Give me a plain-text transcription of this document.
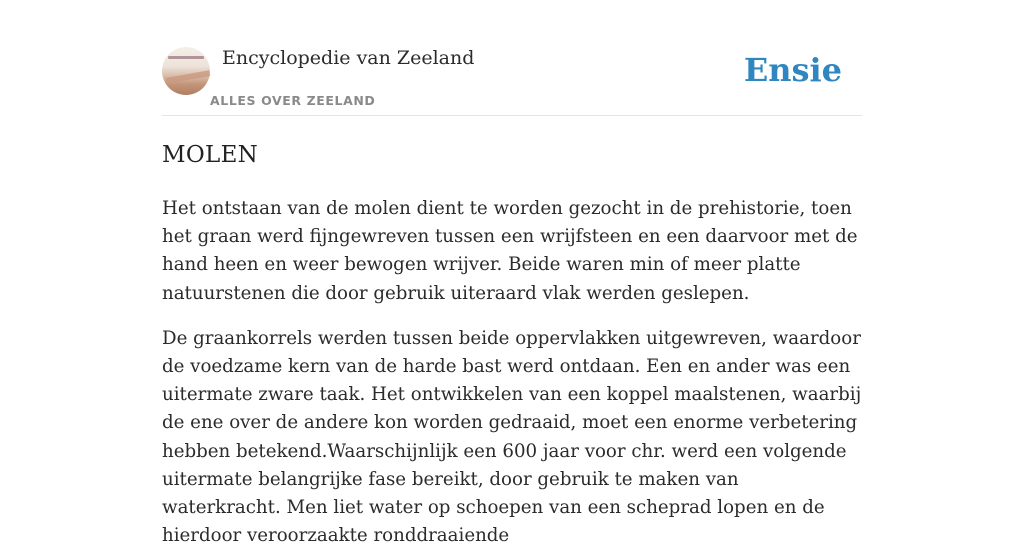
Encyclopedie van Zeeland
ALLES OVER ZEELAND
Ensie
MOLEN

Het ontstaan van de molen dient te worden gezocht in de prehistorie, toen het graan werd fijngewreven tussen een wrijfsteen en een daarvoor met de hand heen en weer bewogen wrijver. Beide waren min of meer platte natuurstenen die door gebruik uiteraard vlak werden geslepen.

De graankorrels werden tussen beide oppervlakken uitgewreven, waardoor de voedzame kern van de harde bast werd ontdaan. Een en ander was een uitermate zware taak. Het ontwikkelen van een koppel maalstenen, waarbij de ene over de andere kon worden gedraaid, moet een enorme verbetering hebben betekend.Waarschijnlijk een 600 jaar voor chr. werd een volgende uitermate belangrijke fase bereikt, door gebruik te maken van waterkracht. Men liet water op schoepen van een scheprad lopen en de hierdoor veroorzaakte ronddraaiende
